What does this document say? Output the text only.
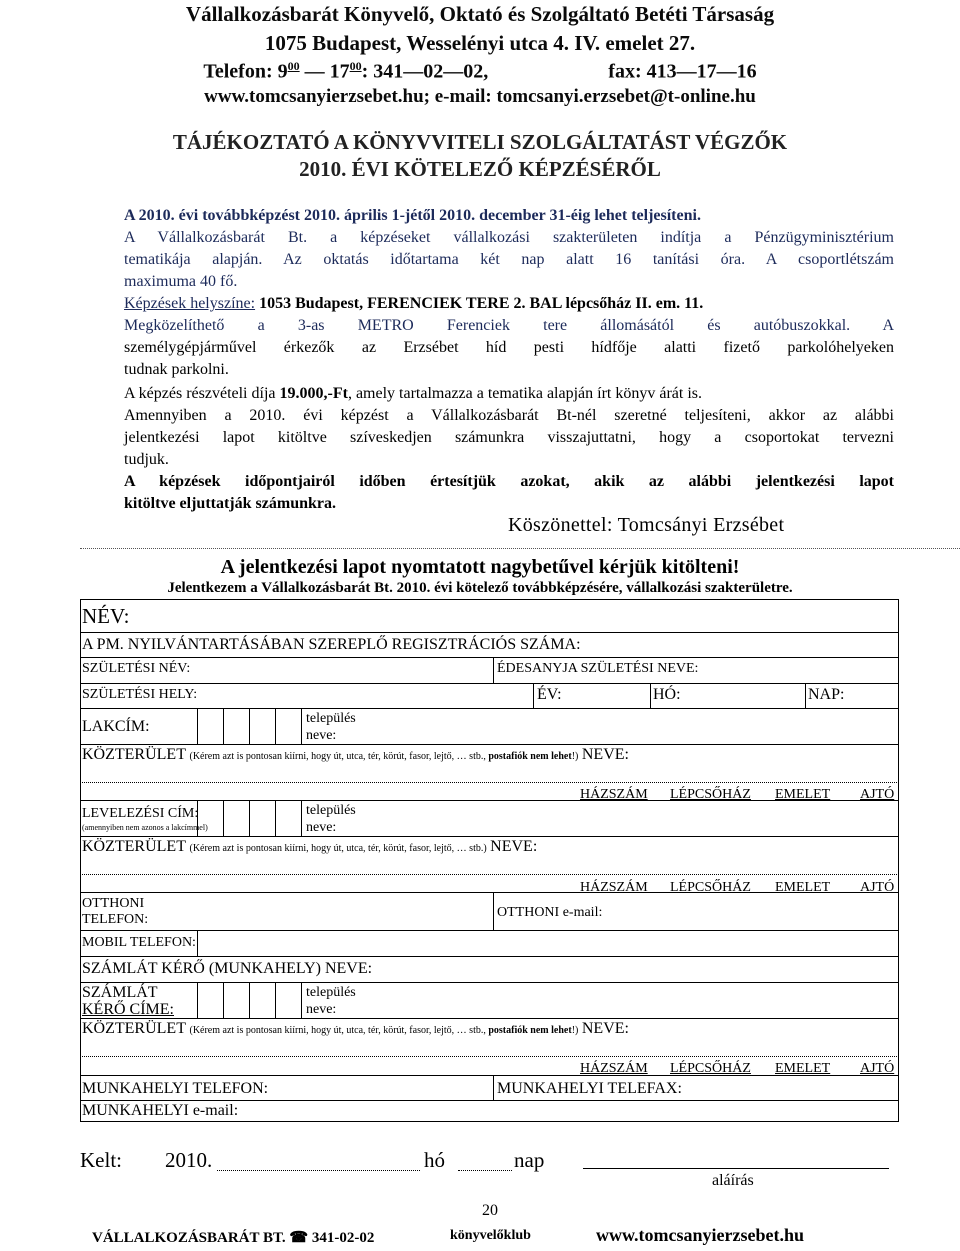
Vállalkozásbarát Könyvelő, Oktató és Szolgáltató Betéti Társaság
1075 Budapest, Wesselényi utca 4. IV. emelet 27.
Telefon: $9^{00}$ — $17^{00}$: 341—02—02,	fax: 413—17—16
www.tomcsanyierzsebet.hu; e-mail: tomcsanyi.erzsebet@t-online.hu
TÁJÉKOZTATÓ A KÖNYVVITELI SZOLGÁLTATÁST VÉGZŐK
2010. ÉVI KÖTELEZŐ KÉPZÉSÉRŐL
A 2010. évi továbbképzést 2010. április 1-jétől 2010. december 31-éig lehet teljesíteni.
A Vállalkozásbarát Bt. a képzéseket vállalkozási szakterületen indítja a Pénzügyminisztérium
tematikája alapján. Az oktatás időtartama két nap alatt 16 tanítási óra. A csoportlétszám
maximuma 40 fő.
Képzések helyszíne: 1053 Budapest, FERENCIEK TERE 2. BAL lépcsőház II. em. 11.
Megközelíthető a 3-as METRO Ferenciek tere állomásától és autóbuszokkal. A
személygépjárművel érkezők az Erzsébet híd pesti hídfője alatti fizető parkolóhelyeken
tudnak parkolni.
A képzés részvételi díja 19.000,-Ft, amely tartalmazza a tematika alapján írt könyv árát is.
Amennyiben a 2010. évi képzést a Vállalkozásbarát Bt-nél szeretné teljesíteni, akkor az alábbi
jelentkezési lapot kitöltve szíveskedjen számunkra visszajuttatni, hogy a csoportokat tervezni
tudjuk.
A képzések időpontjairól időben értesítjük azokat, akik az alábbi jelentkezési lapot
kitöltve eljuttatják számunkra.
Köszönettel: Tomcsányi Erzsébet
A jelentkezési lapot nyomtatott nagybetűvel kérjük kitölteni!
Jelentkezem a Vállalkozásbarát Bt. 2010. évi kötelező továbbképzésére, vállalkozási szakterületre.
NÉV:
A PM. NYILVÁNTARTÁSÁBAN SZEREPLŐ REGISZTRÁCIÓS SZÁMA:
SZÜLETÉSI NÉV:	ÉDESANYJA SZÜLETÉSI NEVE:
SZÜLETÉSI HELY:	ÉV:	HÓ:	NAP:
LAKCÍM:	település
neve:
KÖZTERÜLET (Kérem azt is pontosan kiírni, hogy út, utca, tér, körút, fasor, lejtő, … stb., postafiók nem lehet!) NEVE:
HÁZSZÁM LÉPCSŐHÁZ EMELET AJTÓ
LEVELEZÉSI CÍM:
(amennyiben nem azonos a lakcímmel)
település
neve:
KÖZTERÜLET (Kérem azt is pontosan kiírni, hogy út, utca, tér, körút, fasor, lejtő, … stb.) NEVE:
HÁZSZÁM LÉPCSŐHÁZ EMELET AJTÓ
OTTHONI
TELEFON:	OTTHONI e-mail:
MOBIL TELEFON:
SZÁMLÁT KÉRŐ (MUNKAHELY) NEVE:
SZÁMLÁT
KÉRŐ CÍME:
település
neve:
KÖZTERÜLET (Kérem azt is pontosan kiírni, hogy út, utca, tér, körút, fasor, lejtő, … stb., postafiók nem lehet!) NEVE:
HÁZSZÁM LÉPCSŐHÁZ EMELET AJTÓ
MUNKAHELYI TELEFON:	MUNKAHELYI TELEFAX:
MUNKAHELYI e-mail:
Kelt: 2010.	hó	nap
aláírás
20
VÁLLALKOZÁSBARÁT BT. ☎ 341-02-02	könyvelőklub	www.tomcsanyierzsebet.hu
